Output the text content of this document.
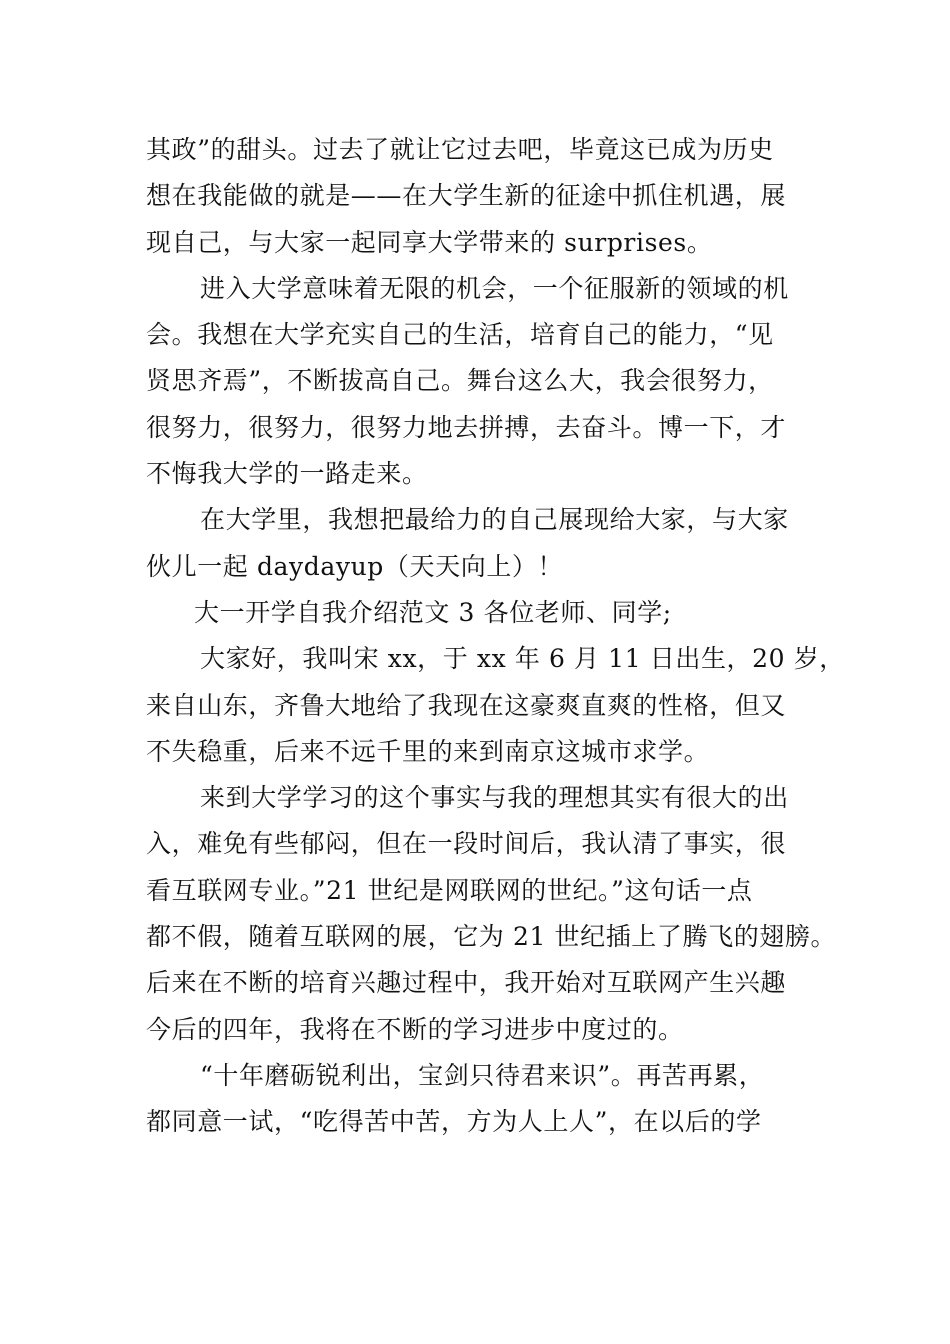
其政”的甜头。过去了就让它过去吧，毕竟这已成为历史
想在我能做的就是——在大学生新的征途中抓住机遇，展
现自己，与大家一起同享大学带来的 surprises。
进入大学意味着无限的机会，一个征服新的领域的机
会。我想在大学充实自己的生活，培育自己的能力，“见
贤思齐焉”，不断拔高自己。舞台这么大，我会很努力，
很努力，很努力，很努力地去拼搏，去奋斗。博一下，才
不悔我大学的一路走来。
在大学里，我想把最给力的自己展现给大家，与大家
伙儿一起 daydayup（天天向上）！
大一开学自我介绍范文 3 各位老师、同学;
大家好，我叫宋 xx，于 xx 年 6 月 11 日出生，20 岁，
来自山东，齐鲁大地给了我现在这豪爽直爽的性格，但又
不失稳重，后来不远千里的来到南京这城市求学。
来到大学学习的这个事实与我的理想其实有很大的出
入，难免有些郁闷，但在一段时间后，我认清了事实，很
看互联网专业。”21 世纪是网联网的世纪。”这句话一点
都不假，随着互联网的展，它为 21 世纪插上了腾飞的翅膀。
后来在不断的培育兴趣过程中，我开始对互联网产生兴趣
今后的四年，我将在不断的学习进步中度过的。
“十年磨砺锐利出，宝剑只待君来识”。再苦再累，
都同意一试，“吃得苦中苦，方为人上人”，在以后的学
